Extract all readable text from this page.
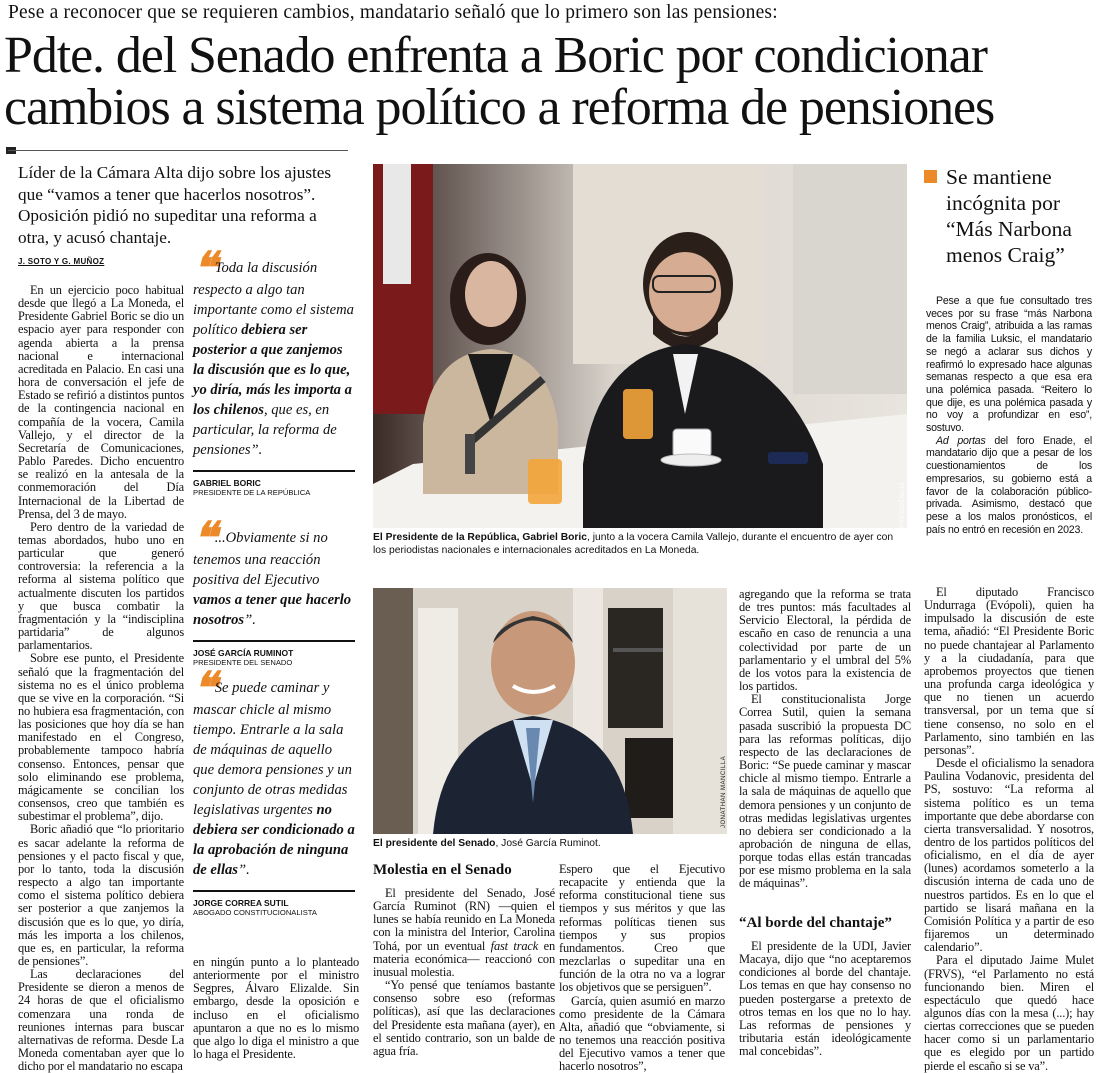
Pese a reconocer que se requieren cambios, mandatario señaló que lo primero son las pensiones:
Pdte. del Senado enfrenta a Boric por condicionar cambios a sistema político a reforma de pensiones
Líder de la Cámara Alta dijo sobre los ajustes que “vamos a tener que hacerlos nosotros”. Oposición pidió no supeditar una reforma a otra, y acusó chantaje.
J. SOTO Y G. MUÑOZ

En un ejercicio poco habitual desde que llegó a La Moneda, el Presidente Gabriel Boric se dio un espacio ayer para responder con agenda abierta a la prensa nacional e internacional acreditada en Palacio. En casi una hora de conversación el jefe de Estado se refirió a distintos puntos de la contingencia nacional en compañía de la vocera, Camila Vallejo, y el director de la Secretaría de Comunicaciones, Pablo Paredes. Dicho encuentro se realizó en la antesala de la conmemoración del Día Internacional de la Libertad de Prensa, del 3 de mayo.

Pero dentro de la variedad de temas abordados, hubo uno en particular que generó controversia: la referencia a la reforma al sistema político que actualmente discuten los partidos y que busca combatir la fragmentación y la “indisciplina partidaria” de algunos parlamentarios.

Sobre ese punto, el Presidente señaló que la fragmentación del sistema no es el único problema que se vive en la corporación. “Si no hubiera esa fragmentación, con las posiciones que hoy día se han manifestado en el Congreso, probablemente tampoco habría consenso. Entonces, pensar que solo eliminando ese problema, mágicamente se concilian los consensos, creo que también es subestimar el problema”, dijo.

Boric añadió que “lo prioritario es sacar adelante la reforma de pensiones y el pacto fiscal y que, por lo tanto, toda la discusión respecto a algo tan importante como el sistema político debiera ser posterior a que zanjemos la discusión que es lo que, yo diría, más les importa a los chilenos, que es, en particular, la reforma de pensiones”.

Las declaraciones del Presidente se dieron a menos de 24 horas de que el oficialismo comenzara una ronda de reuniones internas para buscar alternativas de reforma. Desde La Moneda comentaban ayer que lo dicho por el mandatario no escapa

❝ Toda la discusión respecto a algo tan importante como el sistema político debiera ser posterior a que zanjemos la discusión que es lo que, yo diría, más les importa a los chilenos, que es, en particular, la reforma de pensiones”.
GABRIEL BORIC
PRESIDENTE DE LA REPÚBLICA
❝ ...Obviamente si no tenemos una reacción positiva del Ejecutivo vamos a tener que hacerlo nosotros”.
JOSÉ GARCÍA RUMINOT
PRESIDENTE DEL SENADO
❝ Se puede caminar y mascar chicle al mismo tiempo. Entrarle a la sala de máquinas de aquello que demora pensiones y un conjunto de otras medidas legislativas urgentes no debiera ser condicionado a la aprobación de ninguna de ellas”.
JORGE CORREA SUTIL
ABOGADO CONSTITUCIONALISTA

en ningún punto a lo planteado anteriormente por el ministro Segpres, Álvaro Elizalde. Sin embargo, desde la oposición e incluso en el oficialismo apuntaron a que no es lo mismo que algo lo diga el ministro a que lo haga el Presidente.

PRESIDENCIA
El Presidente de la República, Gabriel Boric, junto a la vocera Camila Vallejo, durante el encuentro de ayer con los periodistas nacionales e internacionales acreditados en La Moneda.
Se mantiene incógnita por “Más Narbona menos Craig”

Pese a que fue consultado tres veces por su frase “más Narbona menos Craig”, atribuida a las ramas de la familia Luksic, el mandatario se negó a aclarar sus dichos y reafirmó lo expresado hace algunas semanas respecto a que esa era una polémica pasada. “Reitero lo que dije, es una polémica pasada y no voy a profundizar en eso”, sostuvo.

Ad portas del foro Enade, el mandatario dijo que a pesar de los cuestionamientos de los empresarios, su gobierno está a favor de la colaboración público-privada. Asimismo, destacó que pese a los malos pronósticos, el país no entró en recesión en 2023.

JONATHAN MANCILLA
El presidente del Senado, José García Ruminot.
Molestia en el Senado

El presidente del Senado, José García Ruminot (RN) —quien el lunes se había reunido en La Moneda con la ministra del Interior, Carolina Tohá, por un eventual fast track en materia económica— reaccionó con inusual molestia.

“Yo pensé que teníamos bastante consenso sobre eso (reformas políticas), así que las declaraciones del Presidente esta mañana (ayer), en el sentido contrario, son un balde de agua fría.

Espero que el Ejecutivo recapacite y entienda que la reforma constitucional tiene sus tiempos y sus méritos y que las reformas políticas tienen sus tiempos y sus propios fundamentos. Creo que mezclarlas o supeditar una en función de la otra no va a lograr los objetivos que se persiguen”.

García, quien asumió en marzo como presidente de la Cámara Alta, añadió que “obviamente, si no tenemos una reacción positiva del Ejecutivo vamos a tener que hacerlo nosotros”,

agregando que la reforma se trata de tres puntos: más facultades al Servicio Electoral, la pérdida de escaño en caso de renuncia a una colectividad por parte de un parlamentario y el umbral del 5% de los votos para la existencia de los partidos.

El constitucionalista Jorge Correa Sutil, quien la semana pasada suscribió la propuesta DC para las reformas políticas, dijo respecto de las declaraciones de Boric: “Se puede caminar y mascar chicle al mismo tiempo. Entrarle a la sala de máquinas de aquello que demora pensiones y un conjunto de otras medidas legislativas urgentes no debiera ser condicionado a la aprobación de ninguna de ellas, porque todas ellas están trancadas por ese mismo problema en la sala de máquinas”.

“Al borde del chantaje”

El presidente de la UDI, Javier Macaya, dijo que “no aceptaremos condiciones al borde del chantaje. Los temas en que hay consenso no pueden postergarse a pretexto de otros temas en los que no lo hay. Las reformas de pensiones y tributaria están ideológicamente mal concebidas”.

El diputado Francisco Undurraga (Evópoli), quien ha impulsado la discusión de este tema, añadió: “El Presidente Boric no puede chantajear al Parlamento y a la ciudadanía, para que aprobemos proyectos que tienen una profunda carga ideológica y que no tienen un acuerdo transversal, por un tema que sí tiene consenso, no solo en el Parlamento, sino también en las personas”.

Desde el oficialismo la senadora Paulina Vodanovic, presidenta del PS, sostuvo: “La reforma al sistema político es un tema importante que debe abordarse con cierta transversalidad. Y nosotros, dentro de los partidos políticos del oficialismo, en el día de ayer (lunes) acordamos someterlo a la discusión interna de cada uno de nuestros partidos. Es en lo que el partido se lisará mañana en la Comisión Política y a partir de eso fijaremos un determinado calendario”.

Para el diputado Jaime Mulet (FRVS), “el Parlamento no está funcionando bien. Miren el espectáculo que quedó hace algunos días con la mesa (...); hay ciertas correcciones que se pueden hacer como si un parlamentario que es elegido por un partido pierde el escaño si se va”.
